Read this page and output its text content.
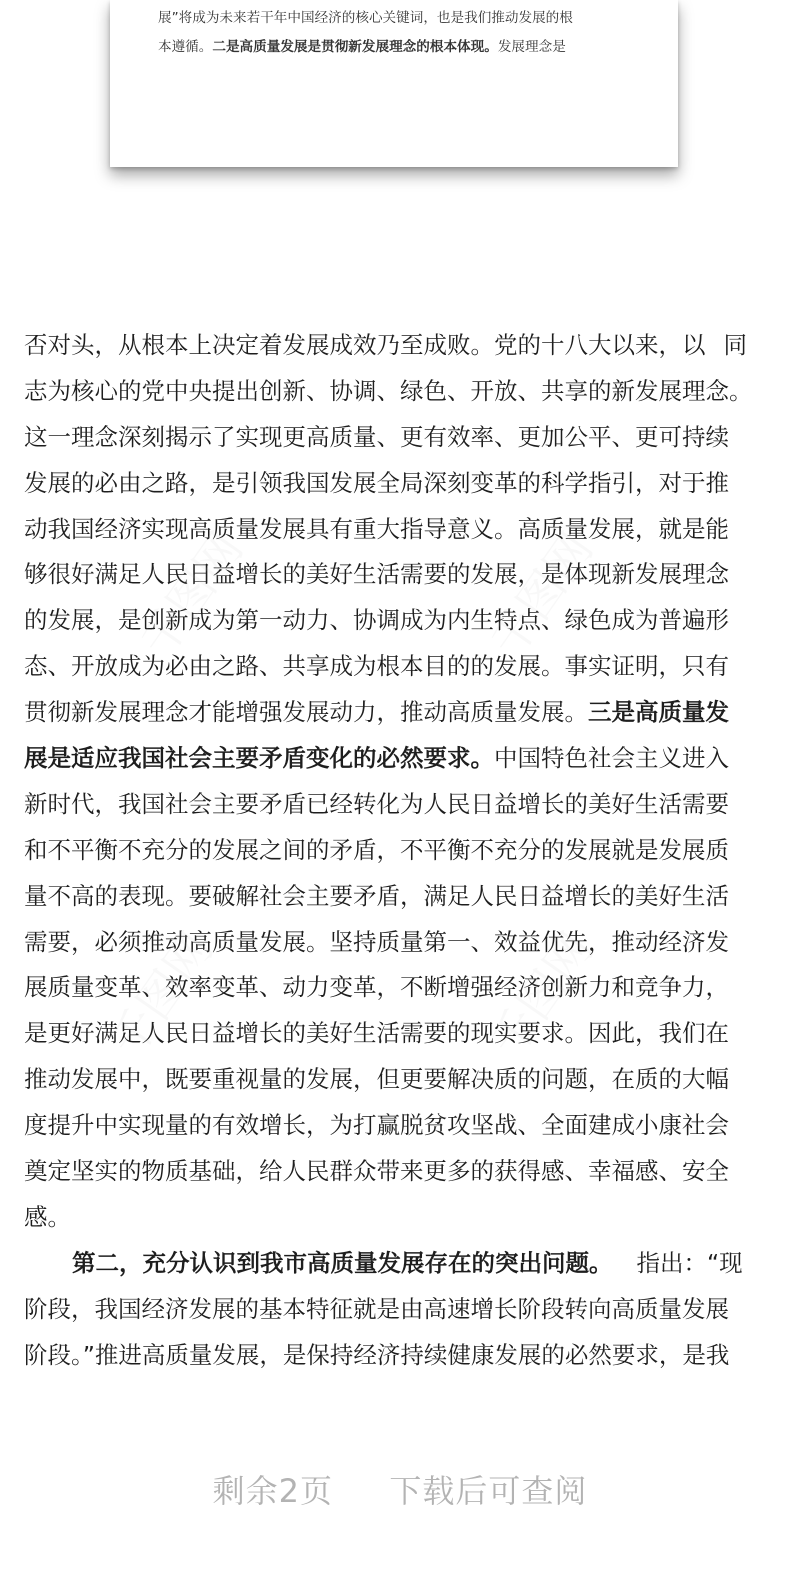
展”将成为未来若干年中国经济的核心关键词，也是我们推动发展的根
本遵循。二是高质量发展是贯彻新发展理念的根本体现。发展理念是
否对头，从根本上决定着发展成效乃至成败。党的十八大以来，以 同
志为核心的党中央提出创新、协调、绿色、开放、共享的新发展理念。
这一理念深刻揭示了实现更高质量、更有效率、更加公平、更可持续
发展的必由之路，是引领我国发展全局深刻变革的科学指引，对于推
动我国经济实现高质量发展具有重大指导意义。高质量发展，就是能
够很好满足人民日益增长的美好生活需要的发展，是体现新发展理念
的发展，是创新成为第一动力、协调成为内生特点、绿色成为普遍形
态、开放成为必由之路、共享成为根本目的的发展。事实证明，只有
贯彻新发展理念才能增强发展动力，推动高质量发展。三是高质量发
展是适应我国社会主要矛盾变化的必然要求。中国特色社会主义进入
新时代，我国社会主要矛盾已经转化为人民日益增长的美好生活需要
和不平衡不充分的发展之间的矛盾，不平衡不充分的发展就是发展质
量不高的表现。要破解社会主要矛盾，满足人民日益增长的美好生活
需要，必须推动高质量发展。坚持质量第一、效益优先，推动经济发
展质量变革、效率变革、动力变革，不断增强经济创新力和竞争力，
是更好满足人民日益增长的美好生活需要的现实要求。因此，我们在
推动发展中，既要重视量的发展，但更要解决质的问题，在质的大幅
度提升中实现量的有效增长，为打赢脱贫攻坚战、全面建成小康社会
奠定坚实的物质基础，给人民群众带来更多的获得感、幸福感、安全
感。
第二，充分认识到我市高质量发展存在的突出问题。 指出：“现
阶段，我国经济发展的基本特征就是由高速增长阶段转向高质量发展
阶段。”推进高质量发展，是保持经济持续健康发展的必然要求，是我
千图网	千图网
千图网	千图网
剩余2页 下载后可查阅
